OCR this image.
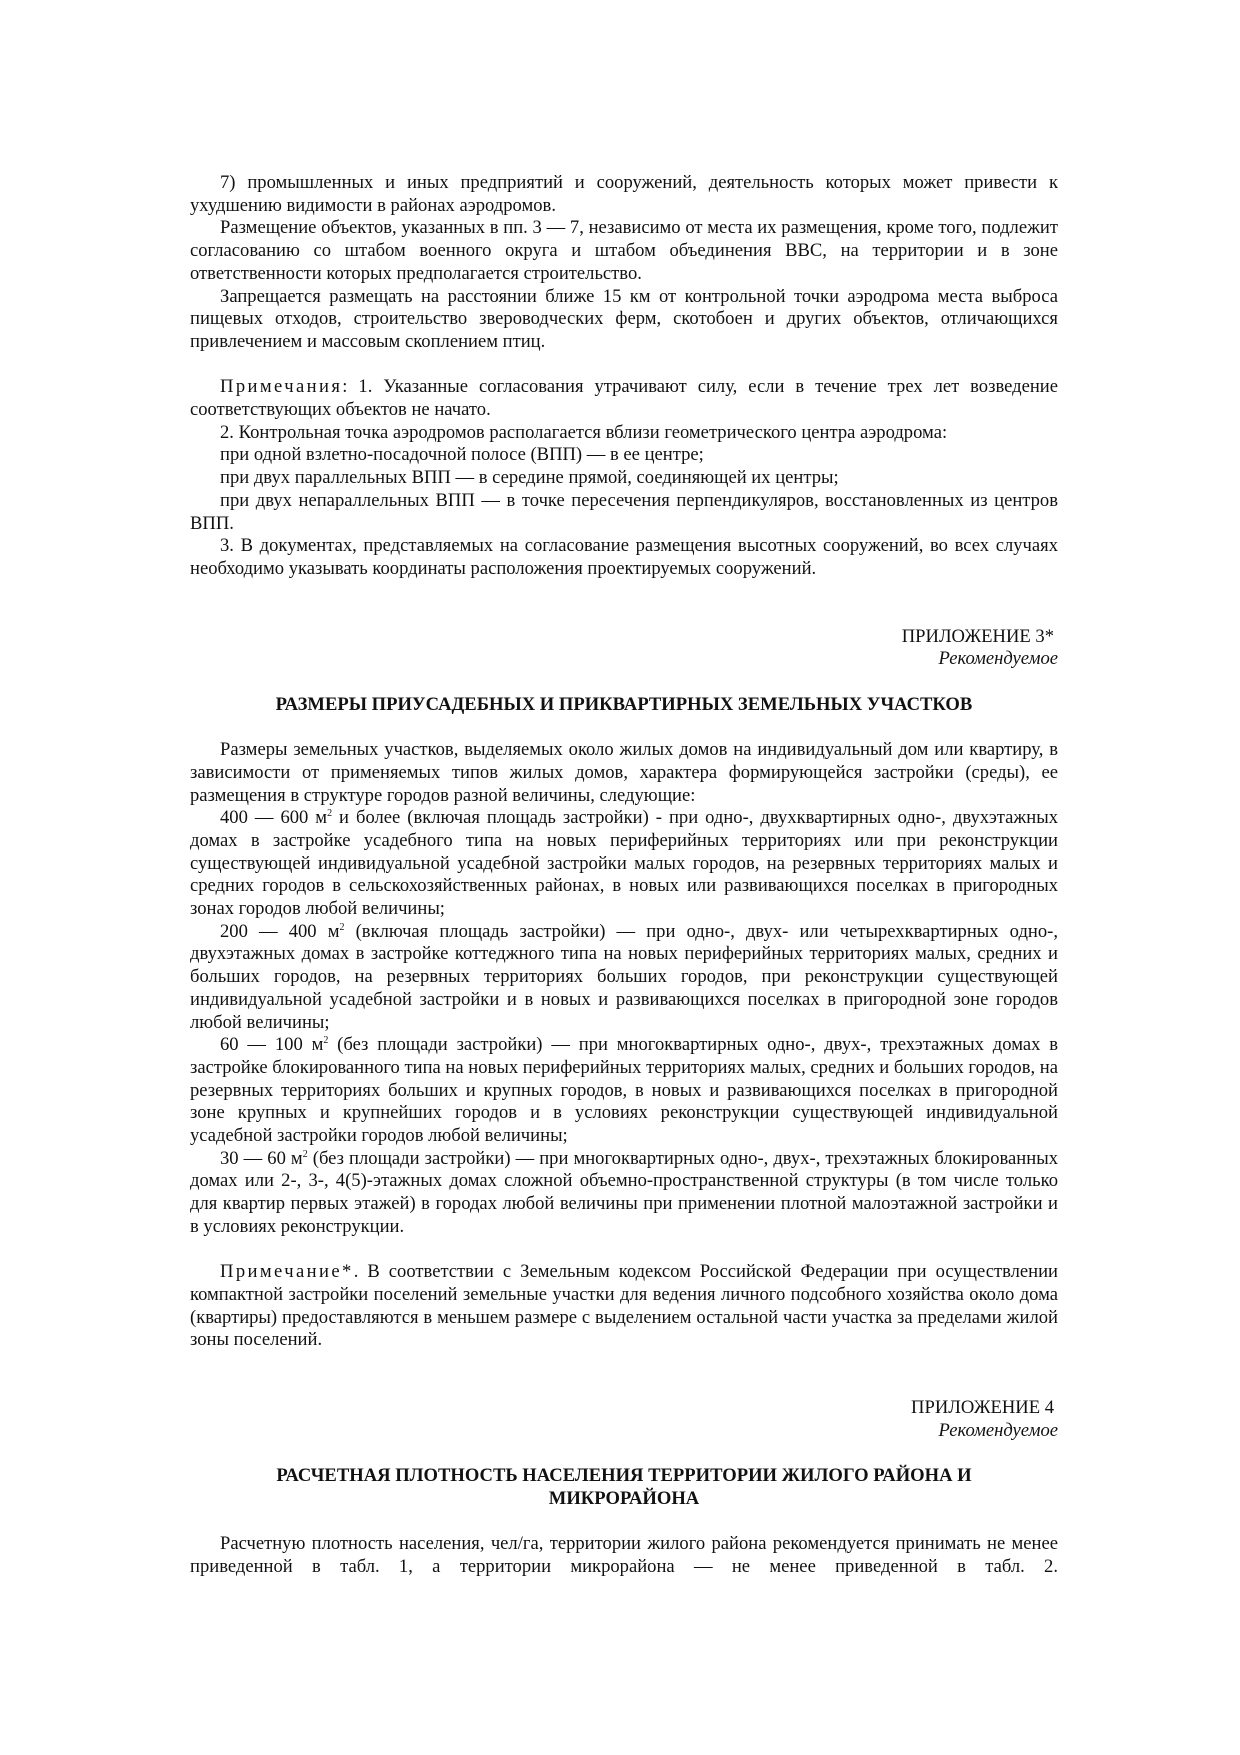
7) промышленных и иных предприятий и сооружений, деятельность которых может привести к ухудшению видимости в районах аэродромов.

Размещение объектов, указанных в пп. 3 — 7, независимо от места их размещения, кроме того, подлежит согласованию со штабом военного округа и штабом объединения ВВС, на территории и в зоне ответственности которых предполагается строительство.

Запрещается размещать на расстоянии ближе 15 км от контрольной точки аэродрома места выброса пищевых отходов, строительство звероводческих ферм, скотобоен и других объектов, отличающихся привлечением и массовым скоплением птиц.

Примечания: 1. Указанные согласования утрачивают силу, если в течение трех лет возведение соответствующих объектов не начато.

2. Контрольная точка аэродромов располагается вблизи геометрического центра аэродрома:

при одной взлетно-посадочной полосе (ВПП) — в ее центре;

при двух параллельных ВПП — в середине прямой, соединяющей их центры;

при двух непараллельных ВПП — в точке пересечения перпендикуляров, восстановленных из центров ВПП.

3. В документах, представляемых на согласование размещения высотных сооружений, во всех случаях необходимо указывать координаты расположения проектируемых сооружений.

ПРИЛОЖЕНИЕ 3*

Рекомендуемое

РАЗМЕРЫ ПРИУСАДЕБНЫХ И ПРИКВАРТИРНЫХ ЗЕМЕЛЬНЫХ УЧАСТКОВ

Размеры земельных участков, выделяемых около жилых домов на индивидуальный дом или квартиру, в зависимости от применяемых типов жилых домов, характера формирующейся застройки (среды), ее размещения в структуре городов разной величины, следующие:

400 — 600 $м^2$ и более (включая площадь застройки) - при одно-, двухквартирных одно-, двухэтажных домах в застройке усадебного типа на новых периферийных территориях или при реконструкции существующей индивидуальной усадебной застройки малых городов, на резервных территориях малых и средних городов в сельскохозяйственных районах, в новых или развивающихся поселках в пригородных зонах городов любой величины;

200 — 400 $м^2$ (включая площадь застройки) — при одно-, двух- или четырехквартирных одно-, двухэтажных домах в застройке коттеджного типа на новых периферийных территориях малых, средних и больших городов, на резервных территориях больших городов, при реконструкции существующей индивидуальной усадебной застройки и в новых и развивающихся поселках в пригородной зоне городов любой величины;

60 — 100 $м^2$ (без площади застройки) — при многоквартирных одно-, двух-, трехэтажных домах в застройке блокированного типа на новых периферийных территориях малых, средних и больших городов, на резервных территориях больших и крупных городов, в новых и развивающихся поселках в пригородной зоне крупных и крупнейших городов и в условиях реконструкции существующей индивидуальной усадебной застройки городов любой величины;

30 — 60 $м^2$ (без площади застройки) — при многоквартирных одно-, двух-, трехэтажных блокированных домах или 2-, 3-, 4(5)-этажных домах сложной объемно-пространственной структуры (в том числе только для квартир первых этажей) в городах любой величины при применении плотной малоэтажной застройки и в условиях реконструкции.

Примечание*. В соответствии с Земельным кодексом Российской Федерации при осуществлении компактной застройки поселений земельные участки для ведения личного подсобного хозяйства около дома (квартиры) предоставляются в меньшем размере с выделением остальной части участка за пределами жилой зоны поселений.

ПРИЛОЖЕНИЕ 4

Рекомендуемое

РАСЧЕТНАЯ ПЛОТНОСТЬ НАСЕЛЕНИЯ ТЕРРИТОРИИ ЖИЛОГО РАЙОНА И

МИКРОРАЙОНА

Расчетную плотность населения, чел/га, территории жилого района рекомендуется принимать не менее приведенной в табл. 1, а территории микрорайона — не менее приведенной в табл. 2.
